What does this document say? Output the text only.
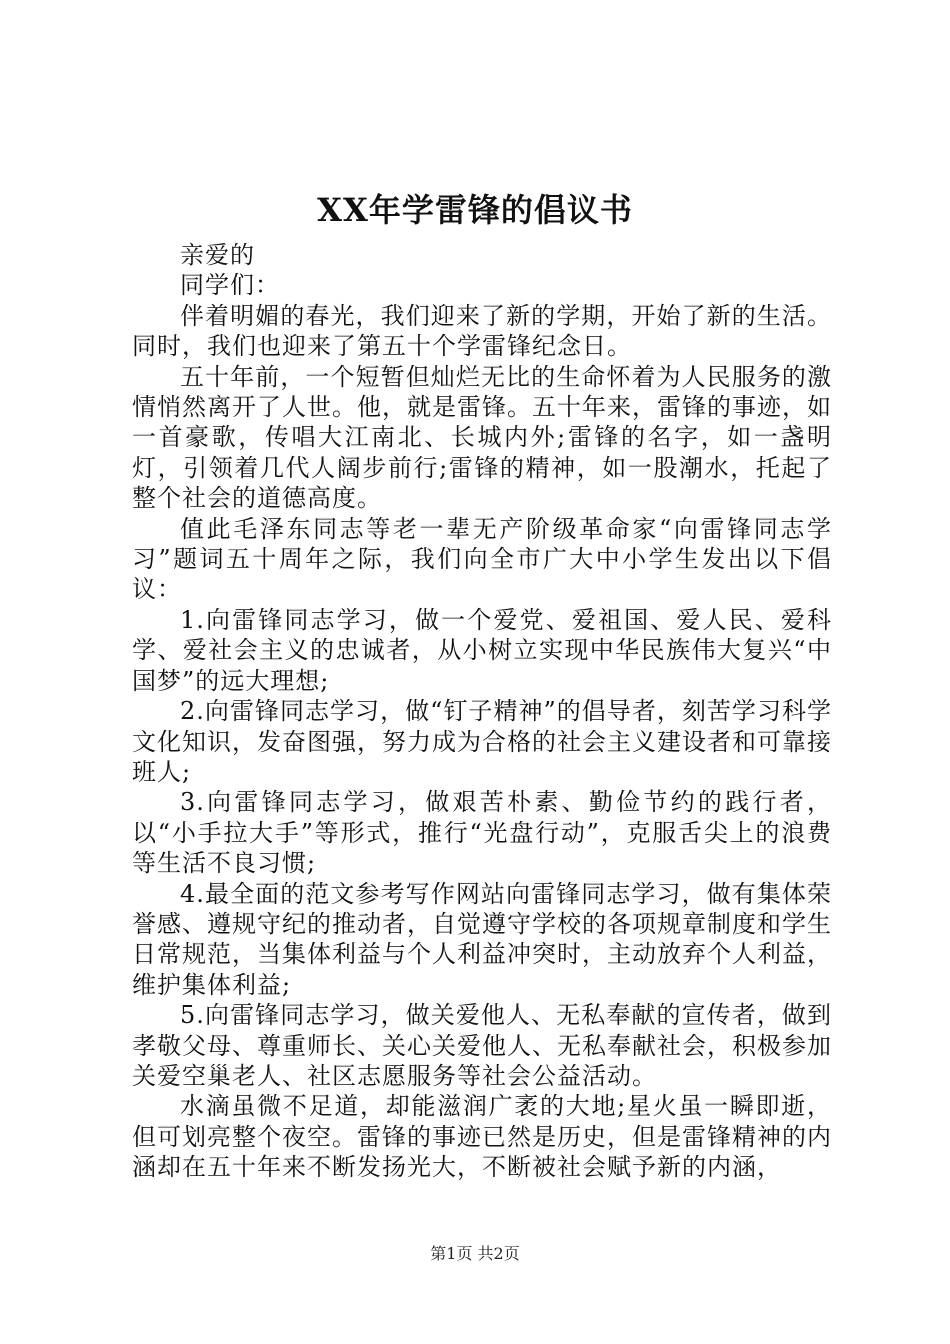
XX年学雷锋的倡议书

亲爱的

同学们：

伴着明媚的春光，我们迎来了新的学期，开始了新的生活。同时，我们也迎来了第五十个学雷锋纪念日。

五十年前，一个短暂但灿烂无比的生命怀着为人民服务的激情悄然离开了人世。他，就是雷锋。五十年来，雷锋的事迹，如一首豪歌，传唱大江南北、长城内外;雷锋的名字，如一盏明灯，引领着几代人阔步前行;雷锋的精神，如一股潮水，托起了整个社会的道德高度。

值此毛泽东同志等老一辈无产阶级革命家“向雷锋同志学习”题词五十周年之际，我们向全市广大中小学生发出以下倡议：

1.向雷锋同志学习，做一个爱党、爱祖国、爱人民、爱科学、爱社会主义的忠诚者，从小树立实现中华民族伟大复兴“中国梦”的远大理想;

2.向雷锋同志学习，做“钉子精神”的倡导者，刻苦学习科学文化知识，发奋图强，努力成为合格的社会主义建设者和可靠接班人;

3.向雷锋同志学习，做艰苦朴素、勤俭节约的践行者，以“小手拉大手”等形式，推行“光盘行动”，克服舌尖上的浪费等生活不良习惯;

4.最全面的范文参考写作网站向雷锋同志学习，做有集体荣誉感、遵规守纪的推动者，自觉遵守学校的各项规章制度和学生日常规范，当集体利益与个人利益冲突时，主动放弃个人利益，维护集体利益;

5.向雷锋同志学习，做关爱他人、无私奉献的宣传者，做到孝敬父母、尊重师长、关心关爱他人、无私奉献社会，积极参加关爱空巢老人、社区志愿服务等社会公益活动。

水滴虽微不足道，却能滋润广袤的大地;星火虽一瞬即逝，但可划亮整个夜空。雷锋的事迹已然是历史，但是雷锋精神的内涵却在五十年来不断发扬光大，不断被社会赋予新的内涵，

第1页 共2页
